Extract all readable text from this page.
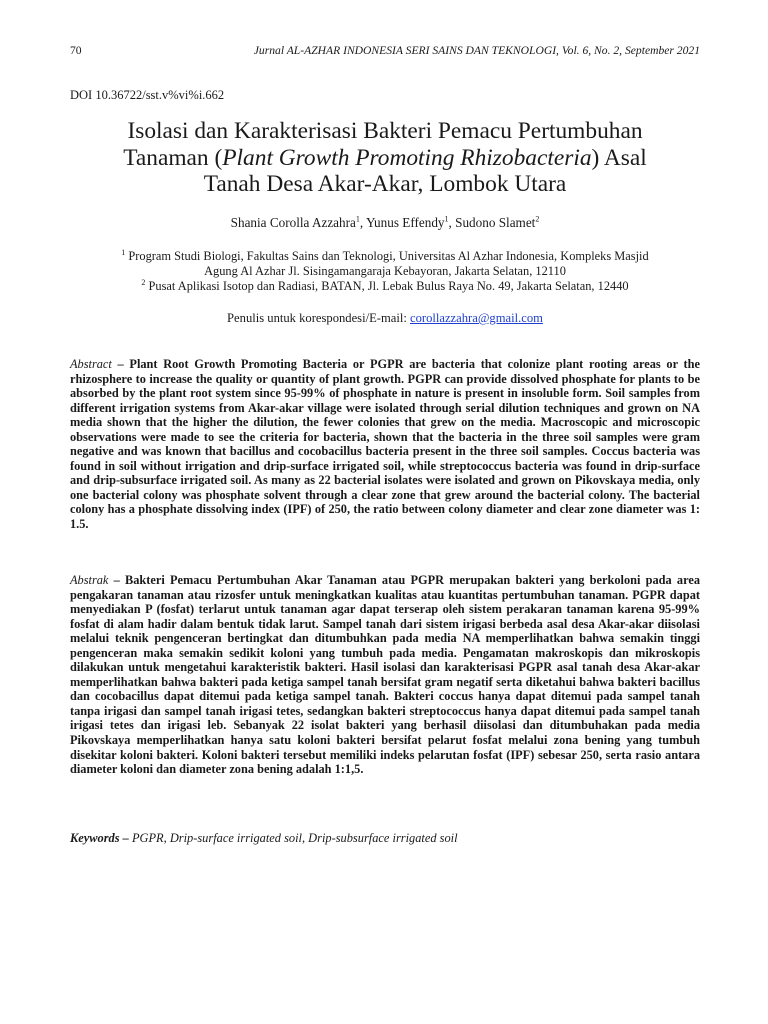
70	Jurnal AL-AZHAR INDONESIA SERI SAINS DAN TEKNOLOGI, Vol. 6, No. 2, September 2021
DOI 10.36722/sst.v%vi%i.662
Isolasi dan Karakterisasi Bakteri Pemacu Pertumbuhan
Tanaman (Plant Growth Promoting Rhizobacteria) Asal
Tanah Desa Akar-Akar, Lombok Utara
Shania Corolla Azzahra$^1$, Yunus Effendy$^1$, Sudono Slamet$^2$
$^1$ Program Studi Biologi, Fakultas Sains dan Teknologi, Universitas Al Azhar Indonesia, Kompleks Masjid
Agung Al Azhar Jl. Sisingamangaraja Kebayoran, Jakarta Selatan, 12110
$^2$ Pusat Aplikasi Isotop dan Radiasi, BATAN, Jl. Lebak Bulus Raya No. 49, Jakarta Selatan, 12440
Penulis untuk korespondesi/E-mail: corollazzahra@gmail.com
Abstract – Plant Root Growth Promoting Bacteria or PGPR are bacteria that colonize plant rooting areas or the rhizosphere to increase the quality or quantity of plant growth. PGPR can provide dissolved phosphate for plants to be absorbed by the plant root system since 95-99% of phosphate in nature is present in insoluble form. Soil samples from different irrigation systems from Akar-akar village were isolated through serial dilution techniques and grown on NA media shown that the higher the dilution, the fewer colonies that grew on the media. Macroscopic and microscopic observations were made to see the criteria for bacteria, shown that the bacteria in the three soil samples were gram negative and was known that bacillus and cocobacillus bacteria present in the three soil samples. Coccus bacteria was found in soil without irrigation and drip-surface irrigated soil, while streptococcus bacteria was found in drip-surface and drip-subsurface irrigated soil. As many as 22 bacterial isolates were isolated and grown on Pikovskaya media, only one bacterial colony was phosphate solvent through a clear zone that grew around the bacterial colony. The bacterial colony has a phosphate dissolving index (IPF) of 250, the ratio between colony diameter and clear zone diameter was 1: 1.5.
Abstrak – Bakteri Pemacu Pertumbuhan Akar Tanaman atau PGPR merupakan bakteri yang berkoloni pada area pengakaran tanaman atau rizosfer untuk meningkatkan kualitas atau kuantitas pertumbuhan tanaman. PGPR dapat menyediakan P (fosfat) terlarut untuk tanaman agar dapat terserap oleh sistem perakaran tanaman karena 95-99% fosfat di alam hadir dalam bentuk tidak larut. Sampel tanah dari sistem irigasi berbeda asal desa Akar-akar diisolasi melalui teknik pengenceran bertingkat dan ditumbuhkan pada media NA memperlihatkan bahwa semakin tinggi pengenceran maka semakin sedikit koloni yang tumbuh pada media. Pengamatan makroskopis dan mikroskopis dilakukan untuk mengetahui karakteristik bakteri. Hasil isolasi dan karakterisasi PGPR asal tanah desa Akar-akar memperlihatkan bahwa bakteri pada ketiga sampel tanah bersifat gram negatif serta diketahui bahwa bakteri bacillus dan cocobacillus dapat ditemui pada ketiga sampel tanah. Bakteri coccus hanya dapat ditemui pada sampel tanah tanpa irigasi dan sampel tanah irigasi tetes, sedangkan bakteri streptococcus hanya dapat ditemui pada sampel tanah irigasi tetes dan irigasi leb. Sebanyak 22 isolat bakteri yang berhasil diisolasi dan ditumbuhakan pada media Pikovskaya memperlihatkan hanya satu koloni bakteri bersifat pelarut fosfat melalui zona bening yang tumbuh disekitar koloni bakteri. Koloni bakteri tersebut memiliki indeks pelarutan fosfat (IPF) sebesar 250, serta rasio antara diameter koloni dan diameter zona bening adalah 1:1,5.
Keywords – PGPR, Drip-surface irrigated soil, Drip-subsurface irrigated soil
